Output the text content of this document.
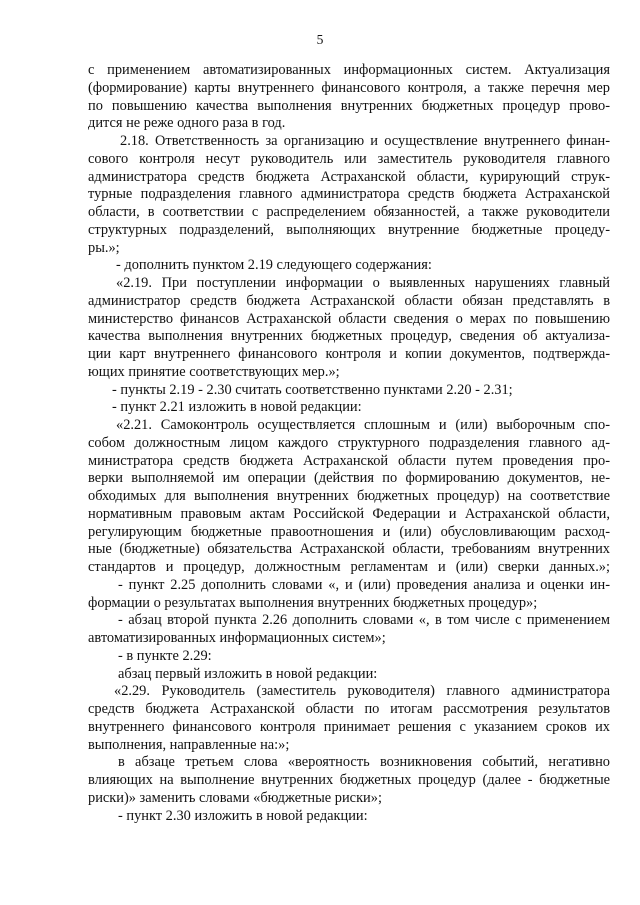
5
с применением автоматизированных информационных систем. Актуализация
(формирование) карты внутреннего финансового контроля, а также перечня мер
по повышению качества выполнения внутренних бюджетных процедур прово-
дится не реже одного раза в год.
2.18. Ответственность за организацию и осуществление внутреннего финан-
сового контроля несут руководитель или заместитель руководителя главного
администратора средств бюджета Астраханской области, курирующий струк-
турные подразделения главного администратора средств бюджета Астраханской
области, в соответствии с распределением обязанностей, а также руководители
структурных подразделений, выполняющих внутренние бюджетные процеду-
ры.»;
- дополнить пунктом 2.19 следующего содержания:
«2.19. При поступлении информации о выявленных нарушениях главный
администратор средств бюджета Астраханской области обязан представлять в
министерство финансов Астраханской области сведения о мерах по повышению
качества выполнения внутренних бюджетных процедур, сведения об актуализа-
ции карт внутреннего финансового контроля и копии документов, подтвержда-
ющих принятие соответствующих мер.»;
- пункты 2.19 - 2.30 считать соответственно пунктами 2.20 - 2.31;
- пункт 2.21 изложить в новой редакции:
«2.21. Самоконтроль осуществляется сплошным и (или) выборочным спо-
собом должностным лицом каждого структурного подразделения главного ад-
министратора средств бюджета Астраханской области путем проведения про-
верки выполняемой им операции (действия по формированию документов, не-
обходимых для выполнения внутренних бюджетных процедур) на соответствие
нормативным правовым актам Российской Федерации и Астраханской области,
регулирующим бюджетные правоотношения и (или) обусловливающим расход-
ные (бюджетные) обязательства Астраханской области, требованиям внутренних
стандартов и процедур, должностным регламентам и (или) сверки данных.»;
- пункт 2.25 дополнить словами «, и (или) проведения анализа и оценки ин-
формации о результатах выполнения внутренних бюджетных процедур»;
- абзац второй пункта 2.26 дополнить словами «, в том числе с применением
автоматизированных информационных систем»;
- в пункте 2.29:
абзац первый изложить в новой редакции:
«2.29. Руководитель (заместитель руководителя) главного администратора
средств бюджета Астраханской области по итогам рассмотрения результатов
внутреннего финансового контроля принимает решения с указанием сроков их
выполнения, направленные на:»;
в абзаце третьем слова «вероятность возникновения событий, негативно
влияющих на выполнение внутренних бюджетных процедур (далее - бюджетные
риски)» заменить словами «бюджетные риски»;
- пункт 2.30 изложить в новой редакции:
